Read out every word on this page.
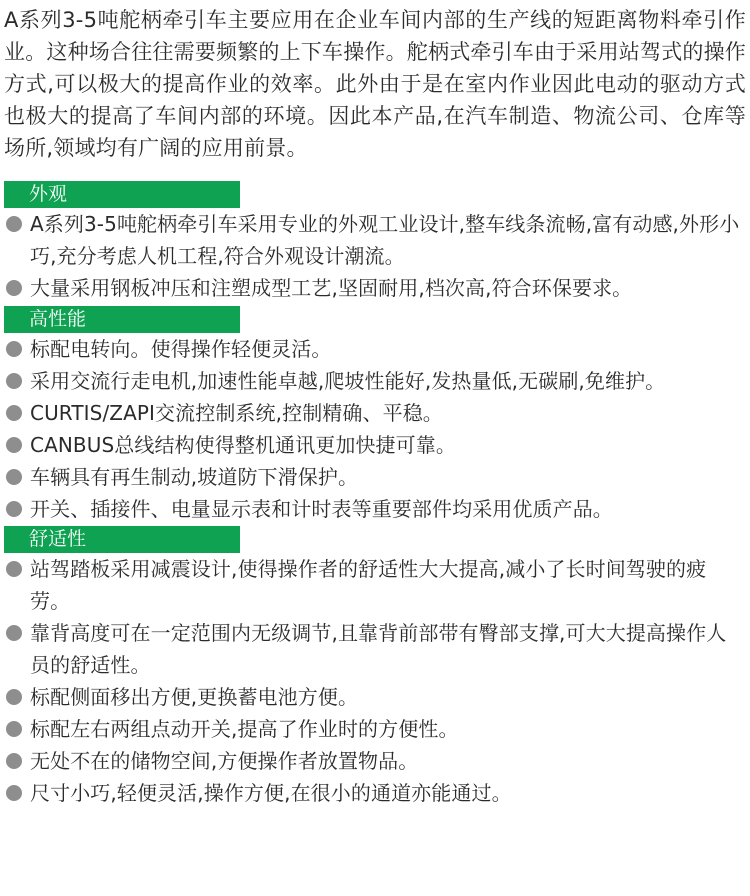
A系列3-5吨舵柄牵引车主要应用在企业车间内部的生产线的短距离物料牵引作业。这种场合往往需要频繁的上下车操作。舵柄式牵引车由于采用站驾式的操作方式,可以极大的提高作业的效率。此外由于是在室内作业因此电动的驱动方式也极大的提高了车间内部的环境。因此本产品,在汽车制造、物流公司、仓库等场所,领域均有广阔的应用前景。

外观
A系列3-5吨舵柄牵引车采用专业的外观工业设计,整车线条流畅,富有动感,外形小巧,充分考虑人机工程,符合外观设计潮流。
大量采用钢板冲压和注塑成型工艺,坚固耐用,档次高,符合环保要求。
高性能
标配电转向。使得操作轻便灵活。
采用交流行走电机,加速性能卓越,爬坡性能好,发热量低,无碳刷,免维护。
CURTIS/ZAPI交流控制系统,控制精确、平稳。
CANBUS总线结构使得整机通讯更加快捷可靠。
车辆具有再生制动,坡道防下滑保护。
开关、插接件、电量显示表和计时表等重要部件均采用优质产品。
舒适性
站驾踏板采用减震设计,使得操作者的舒适性大大提高,减小了长时间驾驶的疲劳。
靠背高度可在一定范围内无级调节,且靠背前部带有臀部支撑,可大大提高操作人员的舒适性。
标配侧面移出方便,更换蓄电池方便。
标配左右两组点动开关,提高了作业时的方便性。
无处不在的储物空间,方便操作者放置物品。
尺寸小巧,轻便灵活,操作方便,在很小的通道亦能通过。
